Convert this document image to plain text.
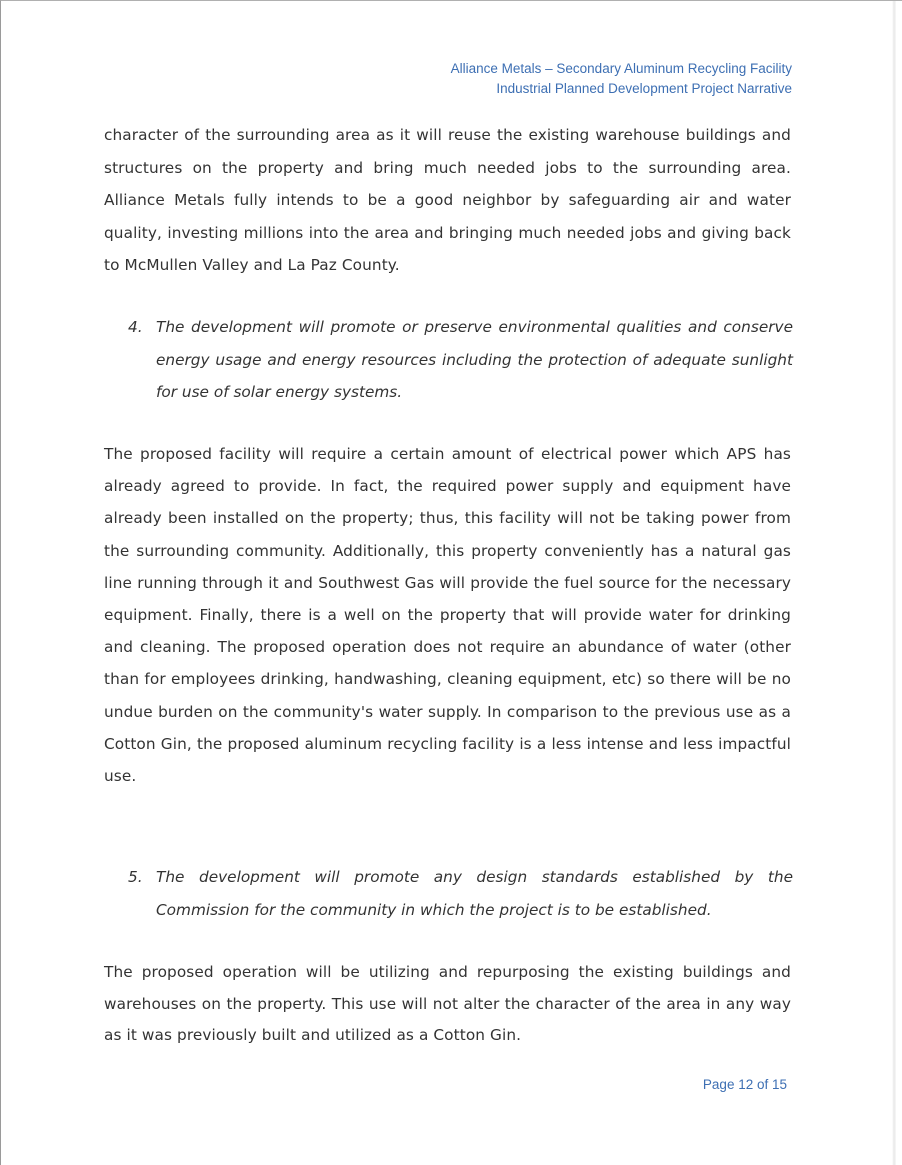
Alliance Metals – Secondary Aluminum Recycling Facility
Industrial Planned Development Project Narrative
character of the surrounding area as it will reuse the existing warehouse buildings and structures on the property and bring much needed jobs to the surrounding area. Alliance Metals fully intends to be a good neighbor by safeguarding air and water quality, investing millions into the area and bringing much needed jobs and giving back to McMullen Valley and La Paz County.
4. The development will promote or preserve environmental qualities and conserve energy usage and energy resources including the protection of adequate sunlight for use of solar energy systems.
The proposed facility will require a certain amount of electrical power which APS has already agreed to provide. In fact, the required power supply and equipment have already been installed on the property; thus, this facility will not be taking power from the surrounding community. Additionally, this property conveniently has a natural gas line running through it and Southwest Gas will provide the fuel source for the necessary equipment. Finally, there is a well on the property that will provide water for drinking and cleaning. The proposed operation does not require an abundance of water (other than for employees drinking, handwashing, cleaning equipment, etc) so there will be no undue burden on the community's water supply. In comparison to the previous use as a Cotton Gin, the proposed aluminum recycling facility is a less intense and less impactful use.
5. The development will promote any design standards established by the Commission for the community in which the project is to be established.
The proposed operation will be utilizing and repurposing the existing buildings and warehouses on the property. This use will not alter the character of the area in any way as it was previously built and utilized as a Cotton Gin.
Page 12 of 15
